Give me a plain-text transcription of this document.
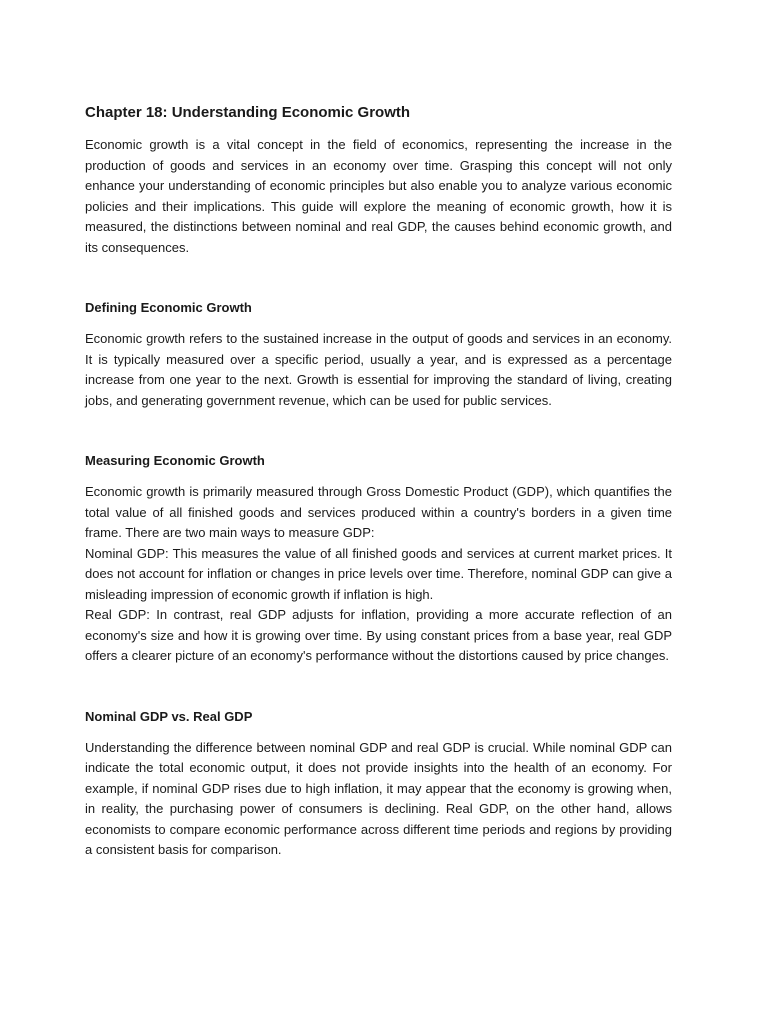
Chapter 18: Understanding Economic Growth

Economic growth is a vital concept in the field of economics, representing the increase in the production of goods and services in an economy over time. Grasping this concept will not only enhance your understanding of economic principles but also enable you to analyze various economic policies and their implications. This guide will explore the meaning of economic growth, how it is measured, the distinctions between nominal and real GDP, the causes behind economic growth, and its consequences.

Defining Economic Growth

Economic growth refers to the sustained increase in the output of goods and services in an economy. It is typically measured over a specific period, usually a year, and is expressed as a percentage increase from one year to the next. Growth is essential for improving the standard of living, creating jobs, and generating government revenue, which can be used for public services.

Measuring Economic Growth

Economic growth is primarily measured through Gross Domestic Product (GDP), which quantifies the total value of all finished goods and services produced within a country's borders in a given time frame. There are two main ways to measure GDP:

Nominal GDP: This measures the value of all finished goods and services at current market prices. It does not account for inflation or changes in price levels over time. Therefore, nominal GDP can give a misleading impression of economic growth if inflation is high.

Real GDP: In contrast, real GDP adjusts for inflation, providing a more accurate reflection of an economy's size and how it is growing over time. By using constant prices from a base year, real GDP offers a clearer picture of an economy's performance without the distortions caused by price changes.

Nominal GDP vs. Real GDP

Understanding the difference between nominal GDP and real GDP is crucial. While nominal GDP can indicate the total economic output, it does not provide insights into the health of an economy. For example, if nominal GDP rises due to high inflation, it may appear that the economy is growing when, in reality, the purchasing power of consumers is declining. Real GDP, on the other hand, allows economists to compare economic performance across different time periods and regions by providing a consistent basis for comparison.
